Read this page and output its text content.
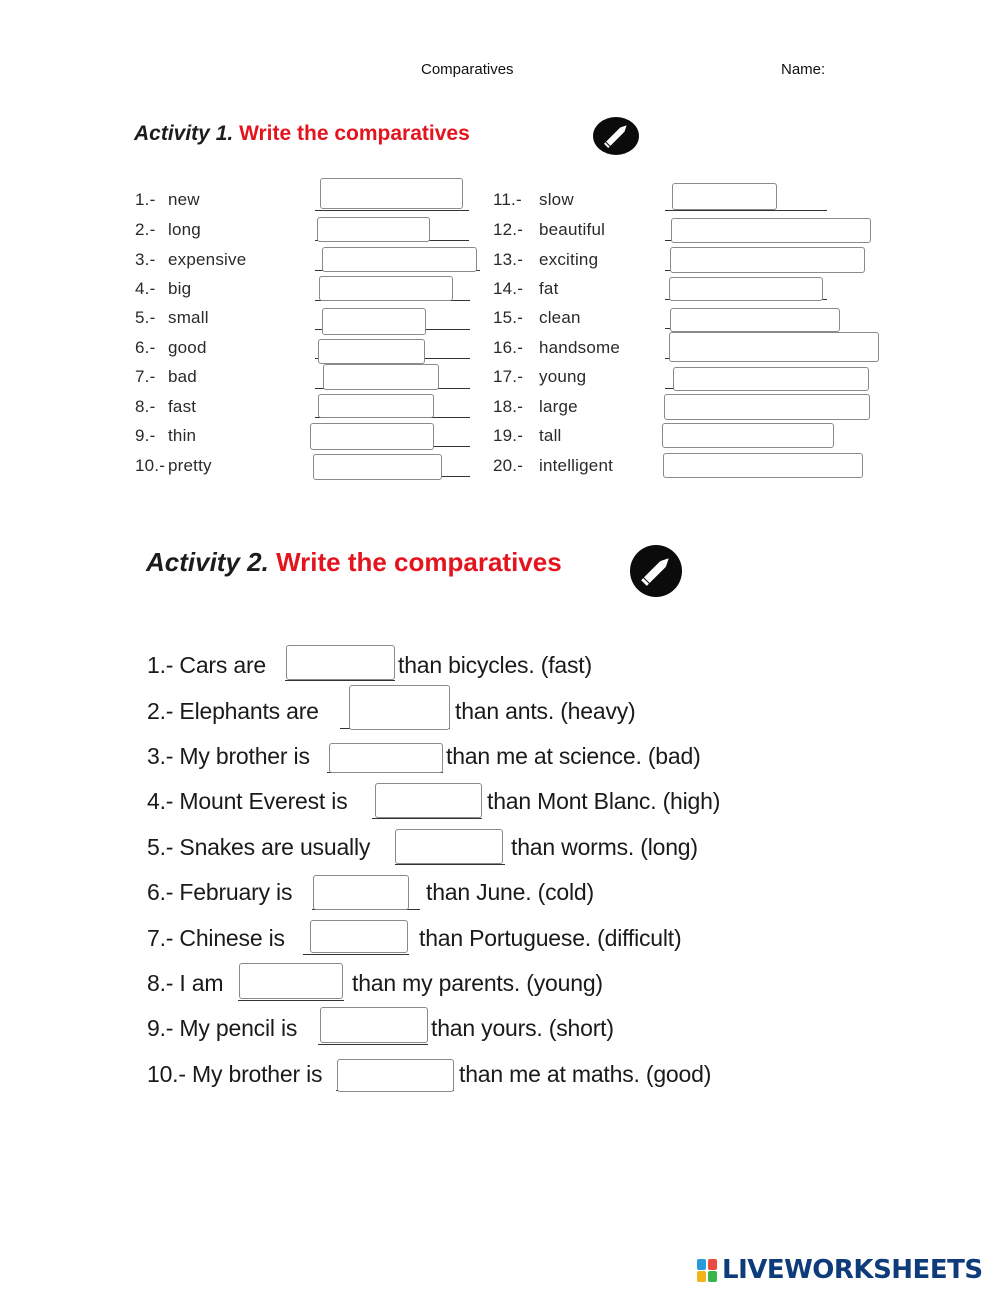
Comparatives	Name:
Activity 1. Write the comparatives
1.- new
2.- long
3.- expensive
4.- big
5.- small
6.- good
7.- bad
8.- fast
9.- thin
10.- pretty
11.- slow
12.- beautiful
13.- exciting
14.- fat
15.- clean
16.- handsome
17.- young
18.- large
19.- tall
20.- intelligent
Activity 2. Write the comparatives
1.- Cars are	than bicycles. (fast)
2.- Elephants are	than ants. (heavy)
3.- My brother is	than me at science. (bad)
4.- Mount Everest is	than Mont Blanc. (high)
5.- Snakes are usually	than worms. (long)
6.- February is	than June. (cold)
7.- Chinese is	than Portuguese. (difficult)
8.- I am	than my parents. (young)
9.- My pencil is	than yours. (short)
10.- My brother is	than me at maths. (good)
LIVEWORKSHEETS
